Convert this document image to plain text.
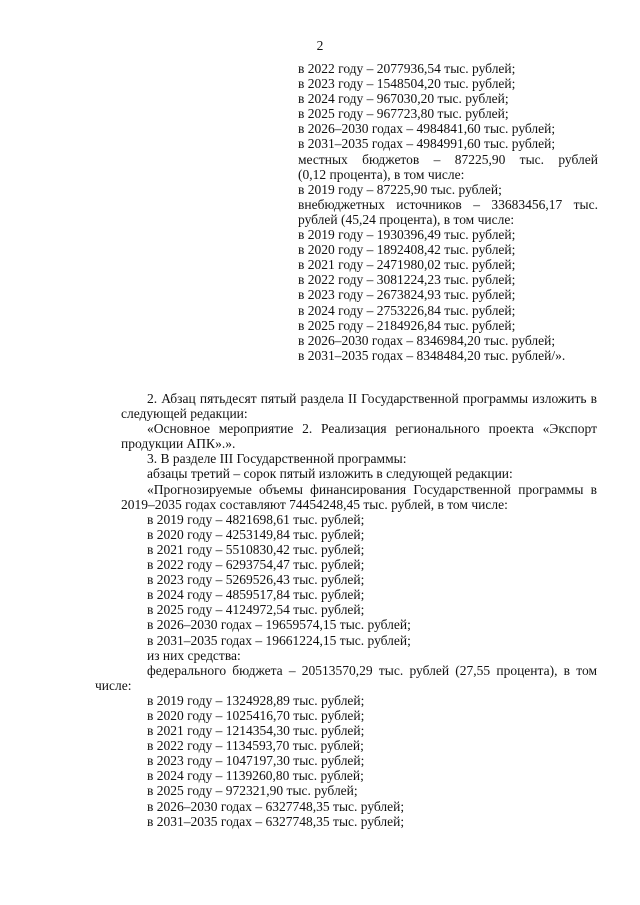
2
в 2022 году – 2077936,54 тыс. рублей;
в 2023 году – 1548504,20 тыс. рублей;
в 2024 году – 967030,20 тыс. рублей;
в 2025 году – 967723,80 тыс. рублей;
в 2026–2030 годах – 4984841,60 тыс. рублей;
в 2031–2035 годах – 4984991,60 тыс. рублей;
местных бюджетов – 87225,90 тыс. рублей
(0,12 процента), в том числе:
в 2019 году – 87225,90 тыс. рублей;
внебюджетных источников – 33683456,17 тыс.
рублей (45,24 процента), в том числе:
в 2019 году – 1930396,49 тыс. рублей;
в 2020 году – 1892408,42 тыс. рублей;
в 2021 году – 2471980,02 тыс. рублей;
в 2022 году – 3081224,23 тыс. рублей;
в 2023 году – 2673824,93 тыс. рублей;
в 2024 году – 2753226,84 тыс. рублей;
в 2025 году – 2184926,84 тыс. рублей;
в 2026–2030 годах – 8346984,20 тыс. рублей;
в 2031–2035 годах – 8348484,20 тыс. рублей/».
2. Абзац пятьдесят пятый раздела II Государственной программы изложить в следующей редакции:
«Основное мероприятие 2. Реализация регионального проекта «Экспорт продукции АПК».».
3. В разделе III Государственной программы:
абзацы третий – сорок пятый изложить в следующей редакции:
«Прогнозируемые объемы финансирования Государственной программы в 2019–2035 годах составляют 74454248,45 тыс. рублей, в том числе:
в 2019 году – 4821698,61 тыс. рублей;
в 2020 году – 4253149,84 тыс. рублей;
в 2021 году – 5510830,42 тыс. рублей;
в 2022 году – 6293754,47 тыс. рублей;
в 2023 году – 5269526,43 тыс. рублей;
в 2024 году – 4859517,84 тыс. рублей;
в 2025 году – 4124972,54 тыс. рублей;
в 2026–2030 годах – 19659574,15 тыс. рублей;
в 2031–2035 годах – 19661224,15 тыс. рублей;
из них средства:
федерального бюджета – 20513570,29 тыс. рублей (27,55 процента), в том
числе:
в 2019 году – 1324928,89 тыс. рублей;
в 2020 году – 1025416,70 тыс. рублей;
в 2021 году – 1214354,30 тыс. рублей;
в 2022 году – 1134593,70 тыс. рублей;
в 2023 году – 1047197,30 тыс. рублей;
в 2024 году – 1139260,80 тыс. рублей;
в 2025 году – 972321,90 тыс. рублей;
в 2026–2030 годах – 6327748,35 тыс. рублей;
в 2031–2035 годах – 6327748,35 тыс. рублей;
